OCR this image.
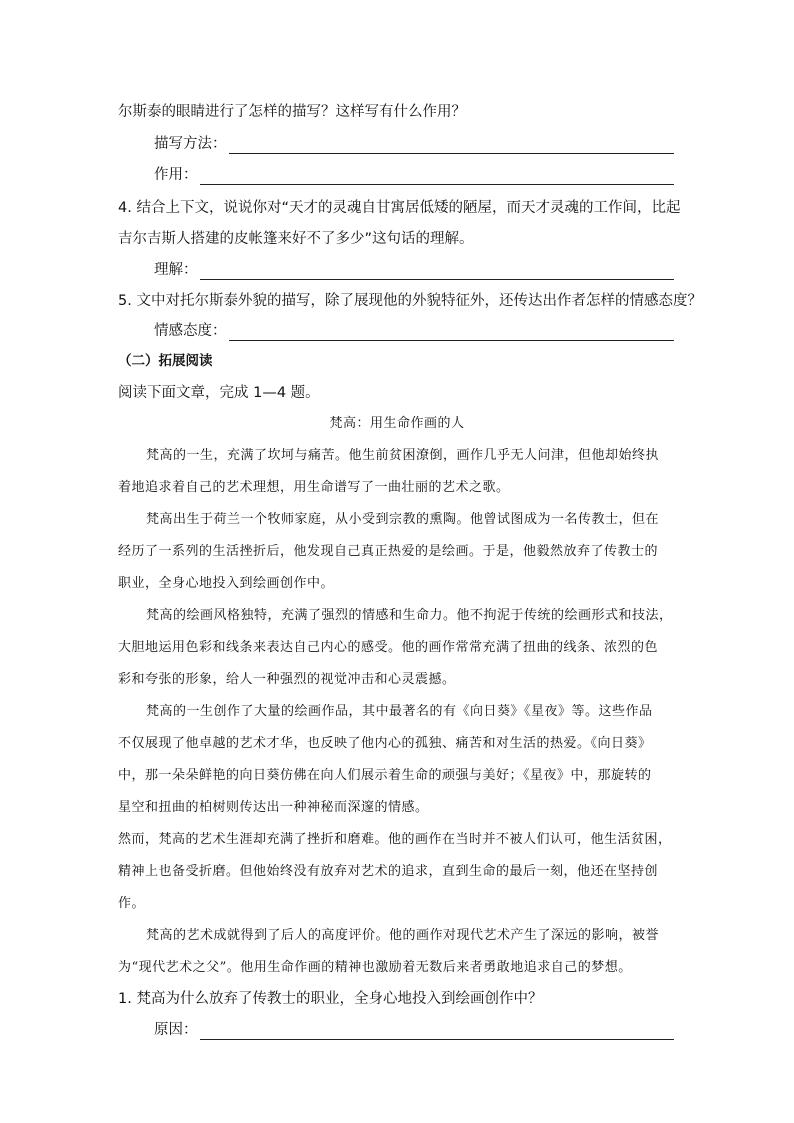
尔斯泰的眼睛进行了怎样的描写？这样写有什么作用？
描写方法：
作用：
4. 结合上下文，说说你对“天才的灵魂自甘寓居低矮的陋屋，而天才灵魂的工作间，比起
吉尔吉斯人搭建的皮帐篷来好不了多少”这句话的理解。
理解：
5. 文中对托尔斯泰外貌的描写，除了展现他的外貌特征外，还传达出作者怎样的情感态度？
情感态度：
（二）拓展阅读
阅读下面文章，完成 1—4 题。
梵高：用生命作画的人
梵高的一生，充满了坎坷与痛苦。他生前贫困潦倒，画作几乎无人问津，但他却始终执
着地追求着自己的艺术理想，用生命谱写了一曲壮丽的艺术之歌。
梵高出生于荷兰一个牧师家庭，从小受到宗教的熏陶。他曾试图成为一名传教士，但在
经历了一系列的生活挫折后，他发现自己真正热爱的是绘画。于是，他毅然放弃了传教士的
职业，全身心地投入到绘画创作中。
梵高的绘画风格独特，充满了强烈的情感和生命力。他不拘泥于传统的绘画形式和技法，
大胆地运用色彩和线条来表达自己内心的感受。他的画作常常充满了扭曲的线条、浓烈的色
彩和夸张的形象，给人一种强烈的视觉冲击和心灵震撼。
梵高的一生创作了大量的绘画作品，其中最著名的有《向日葵》《星夜》等。这些作品
不仅展现了他卓越的艺术才华，也反映了他内心的孤独、痛苦和对生活的热爱。《向日葵》
中，那一朵朵鲜艳的向日葵仿佛在向人们展示着生命的顽强与美好；《星夜》中，那旋转的
星空和扭曲的柏树则传达出一种神秘而深邃的情感。
然而，梵高的艺术生涯却充满了挫折和磨难。他的画作在当时并不被人们认可，他生活贫困，
精神上也备受折磨。但他始终没有放弃对艺术的追求，直到生命的最后一刻，他还在坚持创
作。
梵高的艺术成就得到了后人的高度评价。他的画作对现代艺术产生了深远的影响，被誉
为“现代艺术之父”。他用生命作画的精神也激励着无数后来者勇敢地追求自己的梦想。
1. 梵高为什么放弃了传教士的职业，全身心地投入到绘画创作中？
原因：
